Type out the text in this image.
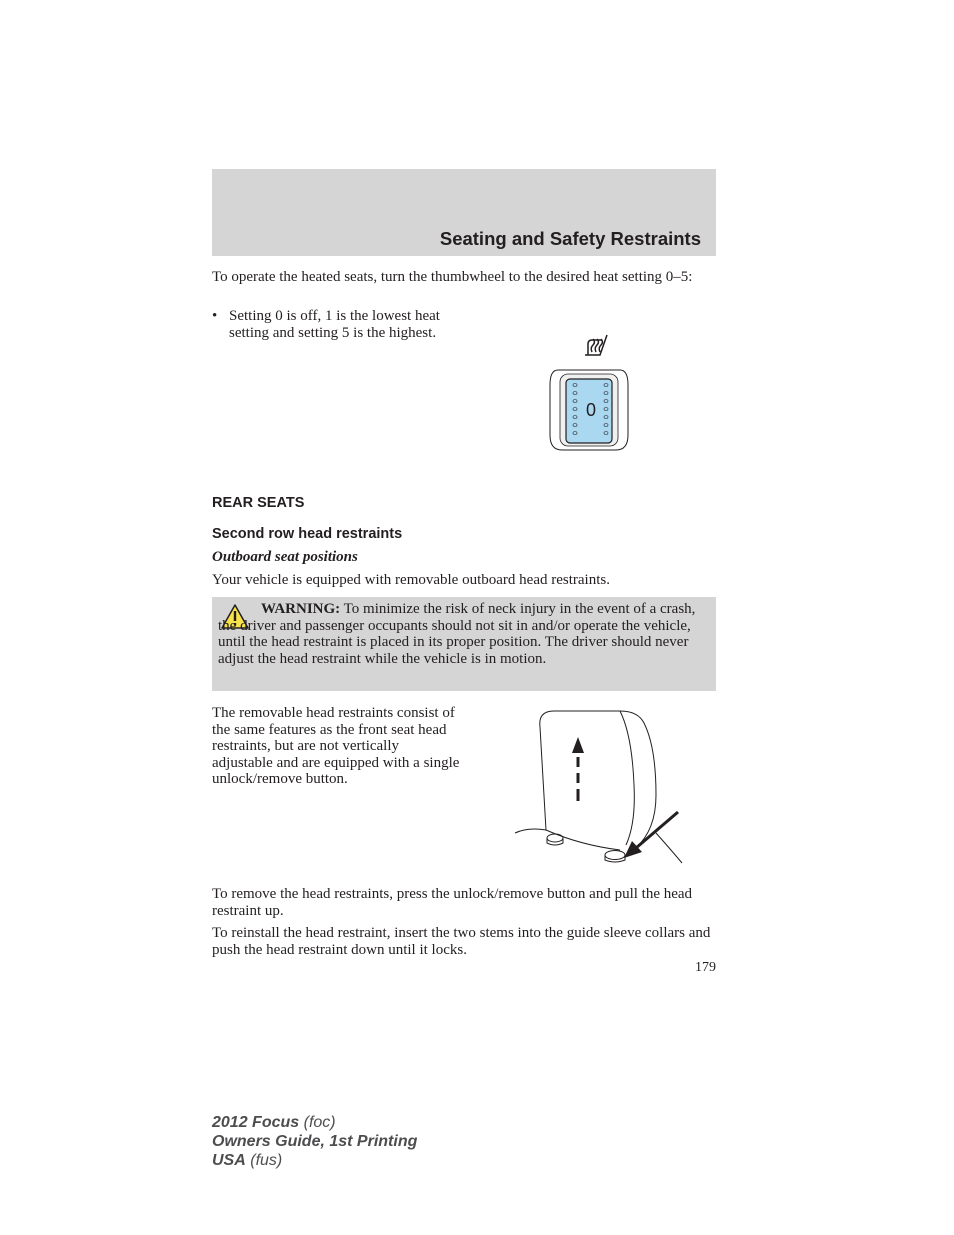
Seating and Safety Restraints
To operate the heated seats, turn the thumbwheel to the desired heat setting 0–5:
• Setting 0 is off, 1 is the lowest heat setting and setting 5 is the highest.
0
REAR SEATS
Second row head restraints
Outboard seat positions
Your vehicle is equipped with removable outboard head restraints.
WARNING: To minimize the risk of neck injury in the event of a crash, the driver and passenger occupants should not sit in and/or operate the vehicle, until the head restraint is placed in its proper position. The driver should never adjust the head restraint while the vehicle is in motion.
The removable head restraints consist of the same features as the front seat head restraints, but are not vertically adjustable and are equipped with a single unlock/remove button.
To remove the head restraints, press the unlock/remove button and pull the head restraint up.
To reinstall the head restraint, insert the two stems into the guide sleeve collars and push the head restraint down until it locks.
179
2012 Focus (foc)
Owners Guide, 1st Printing
USA (fus)
